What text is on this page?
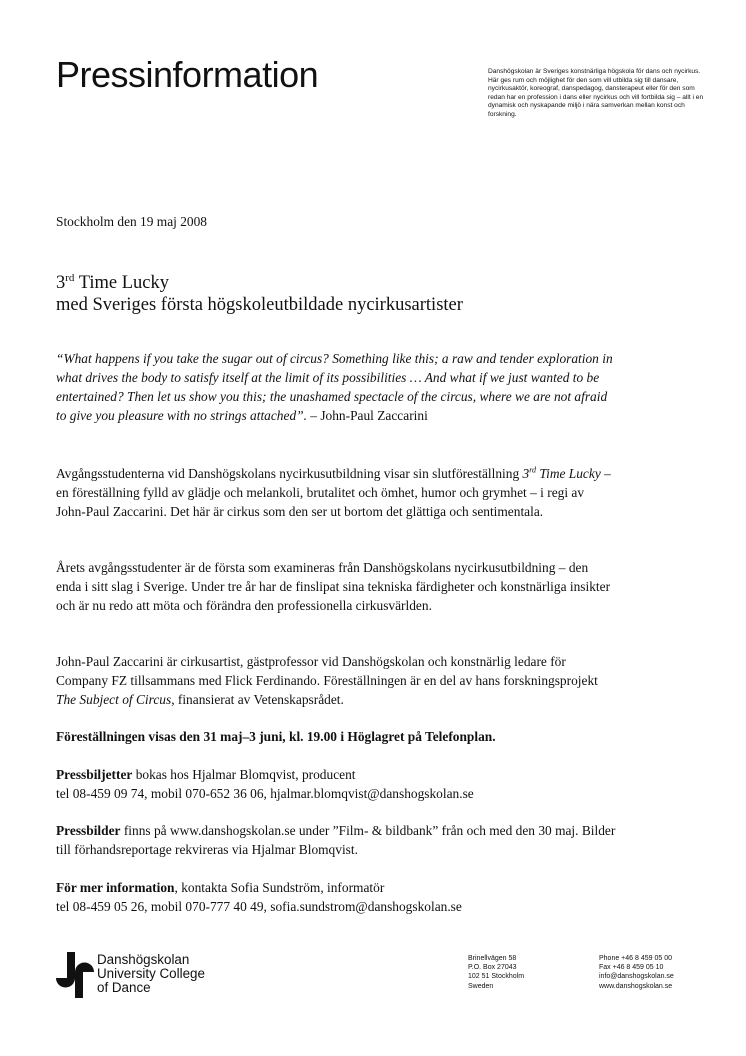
Pressinformation	Danshögskolan är Sveriges konstnärliga högskola för dans och nycirkus. Här ges rum och möjlighet för den som vill utbilda sig till dansare, nycirkusaktör, koreograf, danspedagog, dansterapeut eller för den som redan har en profession i dans eller nycirkus och vill fortbilda sig – allt i en dynamisk och nyskapande miljö i nära samverkan mellan konst och forskning.

Stockholm den 19 maj 2008

3rd Time Lucky
med Sveriges första högskoleutbildade nycirkusartister

“What happens if you take the sugar out of circus? Something like this; a raw and tender exploration in what drives the body to satisfy itself at the limit of its possibilities … And what if we just wanted to be entertained? Then let us show you this; the unashamed spectacle of the circus, where we are not afraid to give you pleasure with no strings attached”. – John-Paul Zaccarini

Avgångsstudenterna vid Danshögskolans nycirkusutbildning visar sin slutföreställning 3rd Time Lucky – en föreställning fylld av glädje och melankoli, brutalitet och ömhet, humor och grymhet – i regi av John-Paul Zaccarini. Det här är cirkus som den ser ut bortom det glättiga och sentimentala.

Årets avgångsstudenter är de första som examineras från Danshögskolans nycirkusutbildning – den enda i sitt slag i Sverige. Under tre år har de finslipat sina tekniska färdigheter och konstnärliga insikter och är nu redo att möta och förändra den professionella cirkusvärlden.

John-Paul Zaccarini är cirkusartist, gästprofessor vid Danshögskolan och konstnärlig ledare för Company FZ tillsammans med Flick Ferdinando. Föreställningen är en del av hans forskningsprojekt The Subject of Circus, finansierat av Vetenskapsrådet.

Föreställningen visas den 31 maj–3 juni, kl. 19.00 i Höglagret på Telefonplan.

Pressbiljetter bokas hos Hjalmar Blomqvist, producent
tel 08-459 09 74, mobil 070-652 36 06, hjalmar.blomqvist@danshogskolan.se

Pressbilder finns på www.danshogskolan.se under ”Film- & bildbank” från och med den 30 maj. Bilder till förhandsreportage rekvireras via Hjalmar Blomqvist.

För mer information, kontakta Sofia Sundström, informatör
tel 08-459 05 26, mobil 070-777 40 49, sofia.sundstrom@danshogskolan.se

Danshögskolan
University College
of Dance
Brinellvägen 58
P.O. Box 27043
102 51 Stockholm
Sweden
Phone +46 8 459 05 00
Fax +46 8 459 05 10
info@danshogskolan.se
www.danshogskolan.se
